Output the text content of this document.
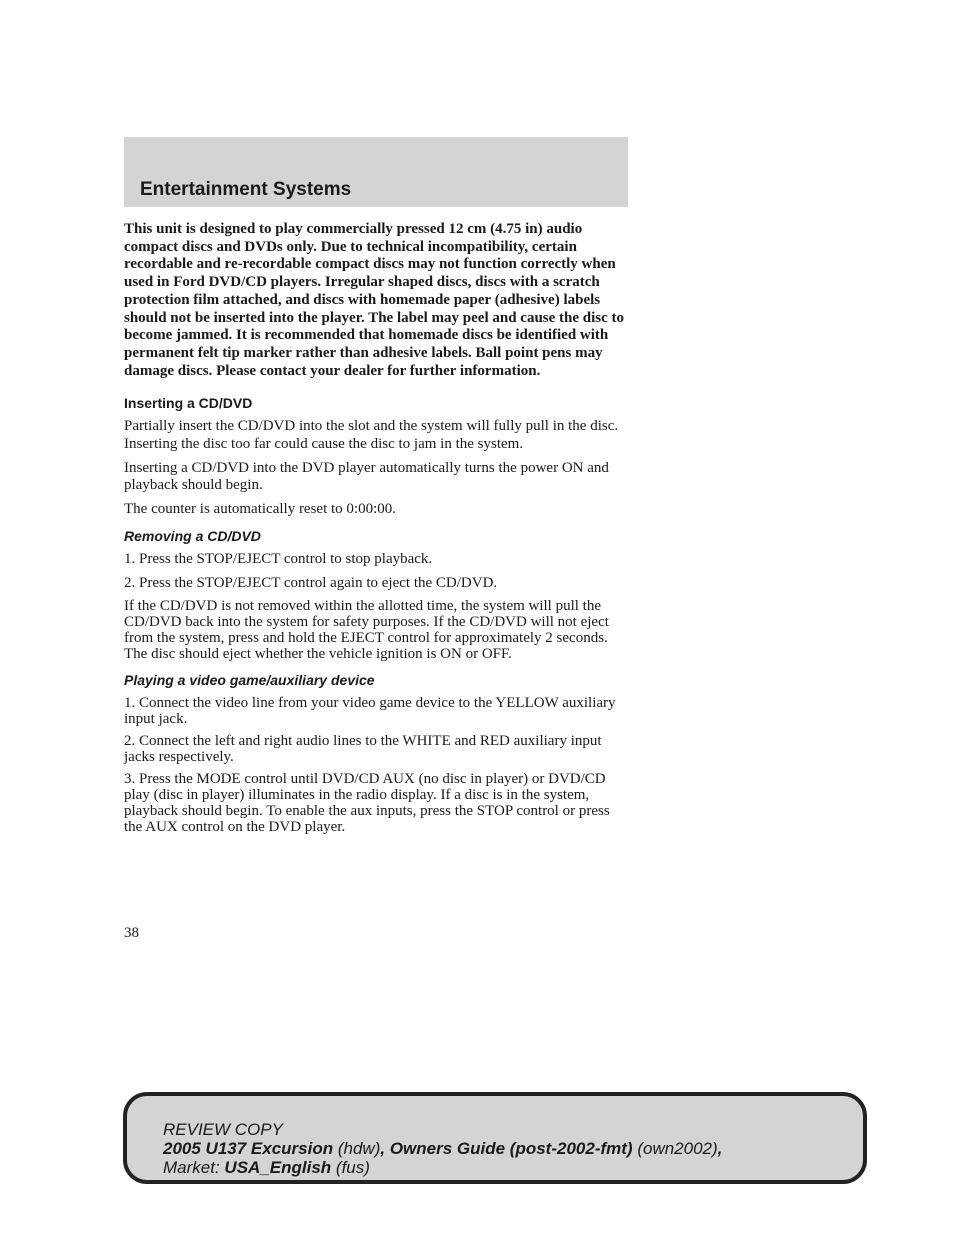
Entertainment Systems

This unit is designed to play commercially pressed 12 cm (4.75 in) audio compact discs and DVDs only. Due to technical incompatibility, certain recordable and re-recordable compact discs may not function correctly when used in Ford DVD/CD players. Irregular shaped discs, discs with a scratch protection film attached, and discs with homemade paper (adhesive) labels should not be inserted into the player. The label may peel and cause the disc to become jammed. It is recommended that homemade discs be identified with permanent felt tip marker rather than adhesive labels. Ball point pens may damage discs. Please contact your dealer for further information.

Inserting a CD/DVD

Partially insert the CD/DVD into the slot and the system will fully pull in the disc. Inserting the disc too far could cause the disc to jam in the system.

Inserting a CD/DVD into the DVD player automatically turns the power ON and playback should begin.

The counter is automatically reset to 0:00:00.

Removing a CD/DVD

1. Press the STOP/EJECT control to stop playback.

2. Press the STOP/EJECT control again to eject the CD/DVD.

If the CD/DVD is not removed within the allotted time, the system will pull the CD/DVD back into the system for safety purposes. If the CD/DVD will not eject from the system, press and hold the EJECT control for approximately 2 seconds. The disc should eject whether the vehicle ignition is ON or OFF.

Playing a video game/auxiliary device

1. Connect the video line from your video game device to the YELLOW auxiliary input jack.

2. Connect the left and right audio lines to the WHITE and RED auxiliary input jacks respectively.

3. Press the MODE control until DVD/CD AUX (no disc in player) or DVD/CD play (disc in player) illuminates in the radio display. If a disc is in the system, playback should begin. To enable the aux inputs, press the STOP control or press the AUX control on the DVD player.

38
REVIEW COPY
2005 U137 Excursion (hdw), Owners Guide (post-2002-fmt) (own2002),
Market: USA_English (fus)
